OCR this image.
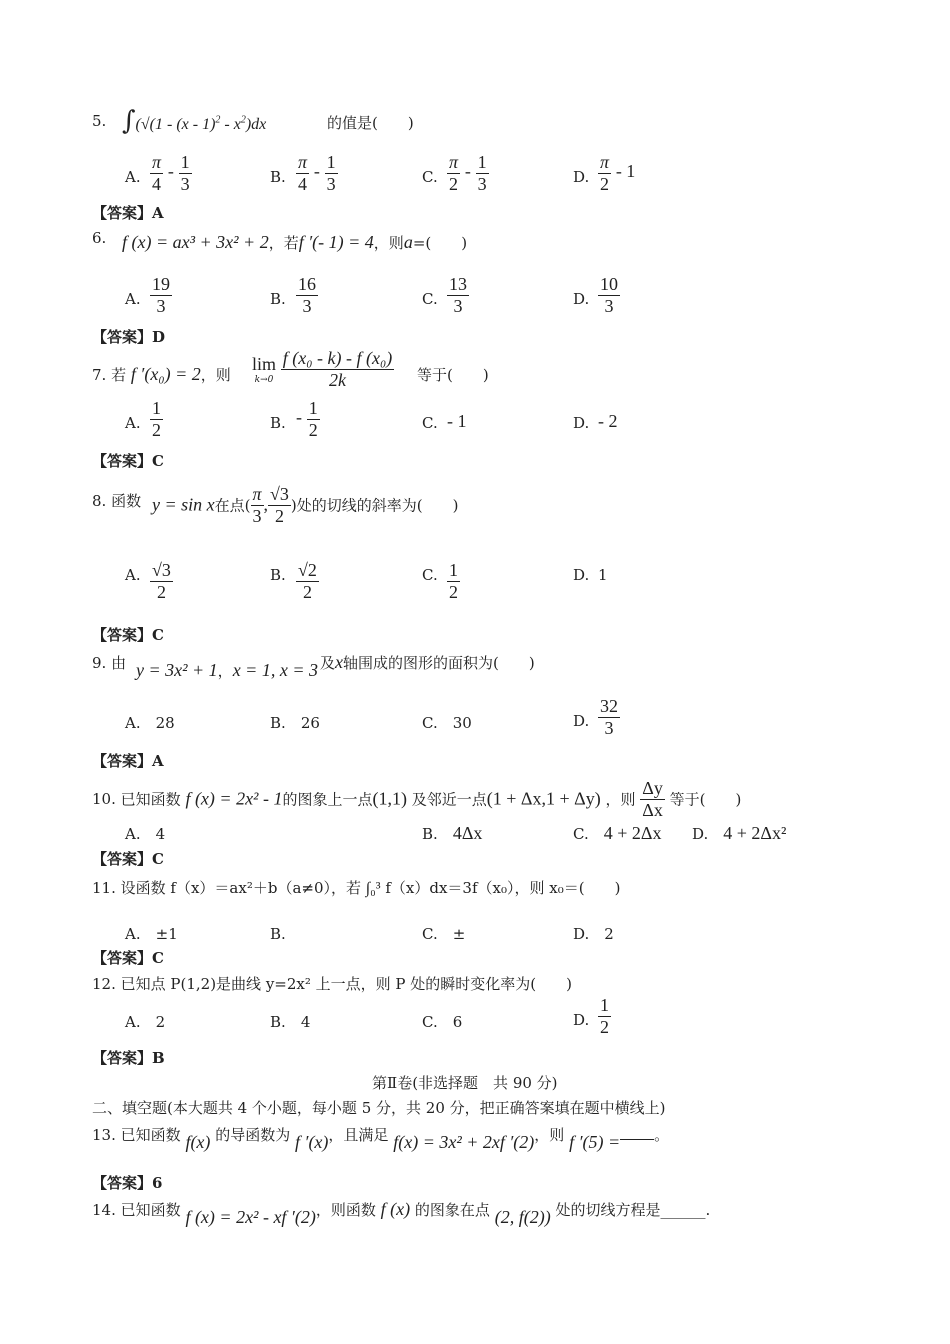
5. $\int(√(1 - (x - 1)^2 - x^2)dx$	的值是(　　)
A. $\frac{\pi}{4} - \frac{1}{3}$	B. $\frac{\pi}{4} - \frac{1}{3}$	C. $\frac{\pi}{2} - \frac{1}{3}$	D. $\frac{\pi}{2} - 1$
【答案】A
6. f (x) = ax³ + 3x² + 2，若f ′(- 1) = 4，则a=(　　)
A. $\frac{19}{3}$	B. $\frac{16}{3}$	C. $\frac{13}{3}$	D. $\frac{10}{3}$
【答案】D
7. 若 f ′(x₀) = 2，则
lim
k→0
$\frac{\text{f (x₀ - k) - f (x₀)}}{2k}$ 等于(　　)
A. $\frac{1}{2}$	B. - $\frac{1}{2}$	C. - 1	D. - 2
【答案】C
8. 函数 y = sin x在点( $\frac{\pi}{3}$ , $\frac{√3}{2}$ )处的切线的斜率为(　　)
A. $\frac{√3}{2}$	B. $\frac{√2}{2}$	C. $\frac{1}{2}$	D. 1
【答案】C
9. 由 y = 3x² + 1，x = 1, x = 3 及x轴围成的图形的面积为(　　)
A.　 28	B.　 26	C.　 30	D. $\frac{32}{3}$
【答案】A
10. 已知函数 f (x) = 2x² - 1的图象上一点(1,1) 及邻近一点(1 + Δx,1 + Δy) ，则 $\frac{\Delta y}{\Delta x}$ 等于(　　)
A.　 4	B.　 4Δx	C.　 4 + 2Δx D.　 4 + 2Δx²
【答案】C
11. 设函数 f（x）＝ax²＋b（a≠0），若 ∫₀³ f（x）dx＝3f（x₀），则 x₀＝(　　)
A.　 ±1	B.　	C.　 ±	D.　 2
【答案】C
12. 已知点 P(1,2)是曲线 y=2x² 上一点，则 P 处的瞬时变化率为(　　)
A.　 2	B.　 4	C.　 6	D. $\frac{1}{2}$
【答案】B
第Ⅱ卷(非选择题　共 90 分)
二、填空题(本大题共 4 个小题，每小题 5 分，共 20 分，把正确答案填在题中横线上)
13. 已知函数 f(x) 的导函数为 f ′(x)，且满足 f(x) = 3x² + 2xf ′(2)，则 f ′(5) = 。
【答案】6
14. 已知函数 f (x) = 2x² - xf ′(2)，则函数 f (x) 的图象在点 (2, f(2)) 处的切线方程是______.
